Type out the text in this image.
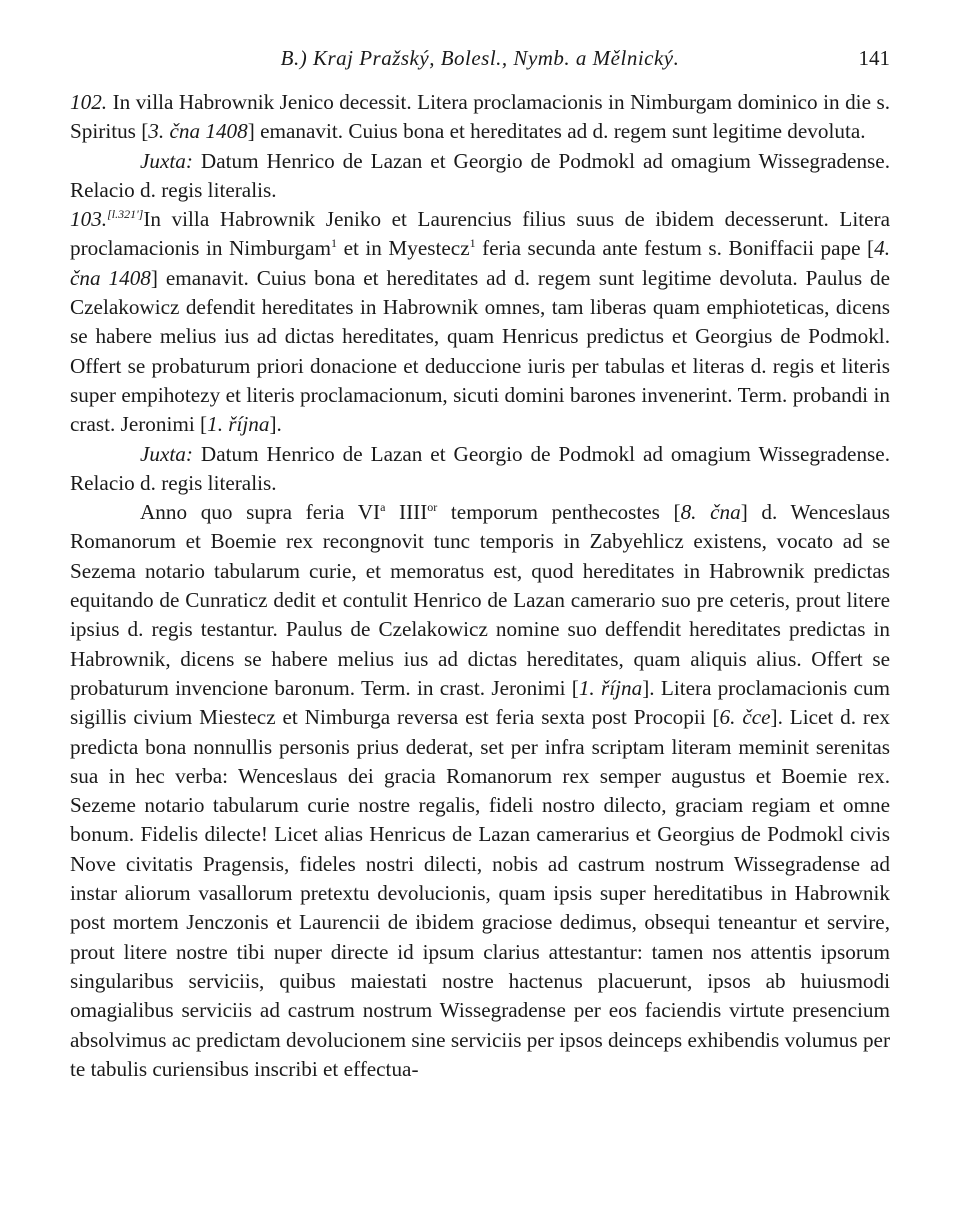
B.) Kraj Pražský, Bolesl., Nymb. a Mělnický.	141

102. In villa Habrownik Jenico decessit. Litera proclamacionis in Nimburgam dominico in die s. Spiritus [3. čna 1408] emanavit. Cuius bona et hereditates ad d. regem sunt legitime devoluta.

Juxta: Datum Henrico de Lazan et Georgio de Podmokl ad omagium Wissegradense. Relacio d. regis literalis.

103.[l.321']In villa Habrownik Jeniko et Laurencius filius suus de ibidem decesserunt. Litera proclamacionis in Nimburgam$^1$ et in Myestecz$^1$ feria secunda ante festum s. Boniffacii pape [4. čna 1408] emanavit. Cuius bona et hereditates ad d. regem sunt legitime devoluta. Paulus de Czelakowicz defendit hereditates in Habrownik omnes, tam liberas quam emphioteticas, dicens se habere melius ius ad dictas hereditates, quam Henricus predictus et Georgius de Podmokl. Offert se probaturum priori donacione et deduccione iuris per tabulas et literas d. regis et literis super empihotezy et literis proclamacionum, sicuti domini barones invenerint. Term. probandi in crast. Jeronimi [1. října].

Juxta: Datum Henrico de Lazan et Georgio de Podmokl ad omagium Wissegradense. Relacio d. regis literalis.

Anno quo supra feria VI$^a$ IIII$^{or}$ temporum penthecostes [8. čna] d. Wenceslaus Romanorum et Boemie rex recongnovit tunc temporis in Zabyehlicz existens, vocato ad se Sezema notario tabularum curie, et memoratus est, quod hereditates in Habrownik predictas equitando de Cunraticz dedit et contulit Henrico de Lazan camerario suo pre ceteris, prout litere ipsius d. regis testantur. Paulus de Czelakowicz nomine suo deffendit hereditates predictas in Habrownik, dicens se habere melius ius ad dictas hereditates, quam aliquis alius. Offert se probaturum invencione baronum. Term. in crast. Jeronimi [1. října]. Litera proclamacionis cum sigillis civium Miestecz et Nimburga reversa est feria sexta post Procopii [6. čce]. Licet d. rex predicta bona nonnullis personis prius dederat, set per infra scriptam literam meminit serenitas sua in hec verba: Wenceslaus dei gracia Romanorum rex semper augustus et Boemie rex. Sezeme notario tabularum curie nostre regalis, fideli nostro dilecto, graciam regiam et omne bonum. Fidelis dilecte! Licet alias Henricus de Lazan camerarius et Georgius de Podmokl civis Nove civitatis Pragensis, fideles nostri dilecti, nobis ad castrum nostrum Wissegradense ad instar aliorum vasallorum pretextu devolucionis, quam ipsis super hereditatibus in Habrownik post mortem Jenczonis et Laurencii de ibidem graciose dedimus, obsequi teneantur et servire, prout litere nostre tibi nuper directe id ipsum clarius attestantur: tamen nos attentis ipsorum singularibus serviciis, quibus maiestati nostre hactenus placuerunt, ipsos ab huiusmodi omagialibus serviciis ad castrum nostrum Wissegradense per eos faciendis virtute presencium absolvimus ac predictam devolucionem sine serviciis per ipsos deinceps exhibendis volumus per te tabulis curiensibus inscribi et effectua-
